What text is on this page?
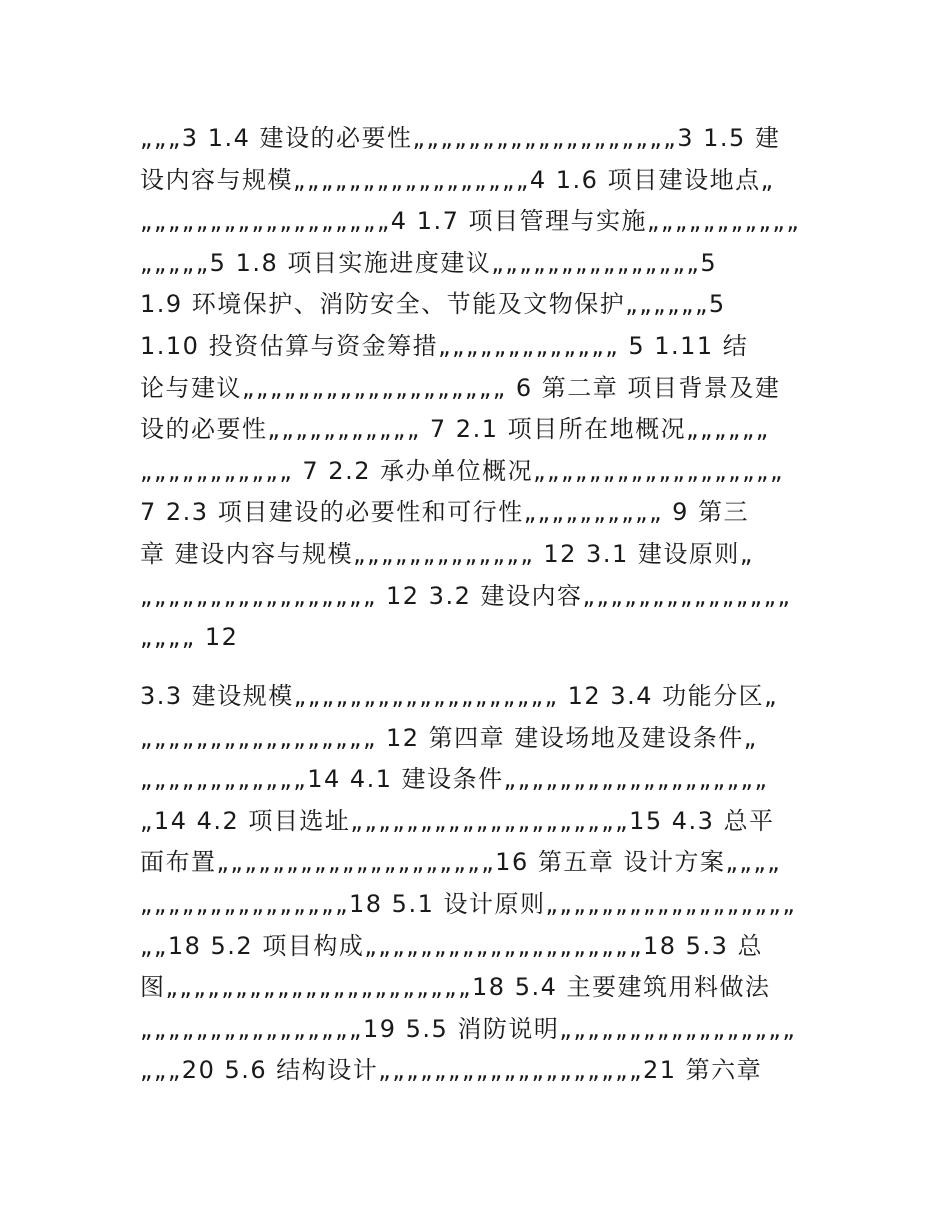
„„„3 1.4 建设的必要性„„„„„„„„„„„„„„„„„„„3 1.5 建
设内容与规模„„„„„„„„„„„„„„„„„4 1.6 项目建设地点„
„„„„„„„„„„„„„„„„„„4 1.7 项目管理与实施„„„„„„„„„„„
„„„„„5 1.8 项目实施进度建议„„„„„„„„„„„„„„„5
1.9 环境保护、消防安全、节能及文物保护„„„„„„5
1.10 投资估算与资金筹措„„„„„„„„„„„„„ 5 1.11 结
论与建议„„„„„„„„„„„„„„„„„„„ 6 第二章 项目背景及建
设的必要性„„„„„„„„„„„ 7 2.1 项目所在地概况„„„„„„
„„„„„„„„„„„ 7 2.2 承办单位概况„„„„„„„„„„„„„„„„„„
7 2.3 项目建设的必要性和可行性„„„„„„„„„„ 9 第三
章 建设内容与规模„„„„„„„„„„„„„ 12 3.1 建设原则„
„„„„„„„„„„„„„„„„„ 12 3.2 建设内容„„„„„„„„„„„„„„„
„„„„ 12
3.3 建设规模„„„„„„„„„„„„„„„„„„„ 12 3.4 功能分区„
„„„„„„„„„„„„„„„„„ 12 第四章 建设场地及建设条件„
„„„„„„„„„„„„14 4.1 建设条件„„„„„„„„„„„„„„„„„„„
„14 4.2 项目选址„„„„„„„„„„„„„„„„„„„„15 4.3 总平
面布置„„„„„„„„„„„„„„„„„„„„16 第五章 设计方案„„„„
„„„„„„„„„„„„„„„18 5.1 设计原则„„„„„„„„„„„„„„„„„„
„„18 5.2 项目构成„„„„„„„„„„„„„„„„„„„„18 5.3 总
图„„„„„„„„„„„„„„„„„„„„„„18 5.4 主要建筑用料做法
„„„„„„„„„„„„„„„„19 5.5 消防说明„„„„„„„„„„„„„„„„„
„„„20 5.6 结构设计„„„„„„„„„„„„„„„„„„„21 第六章
